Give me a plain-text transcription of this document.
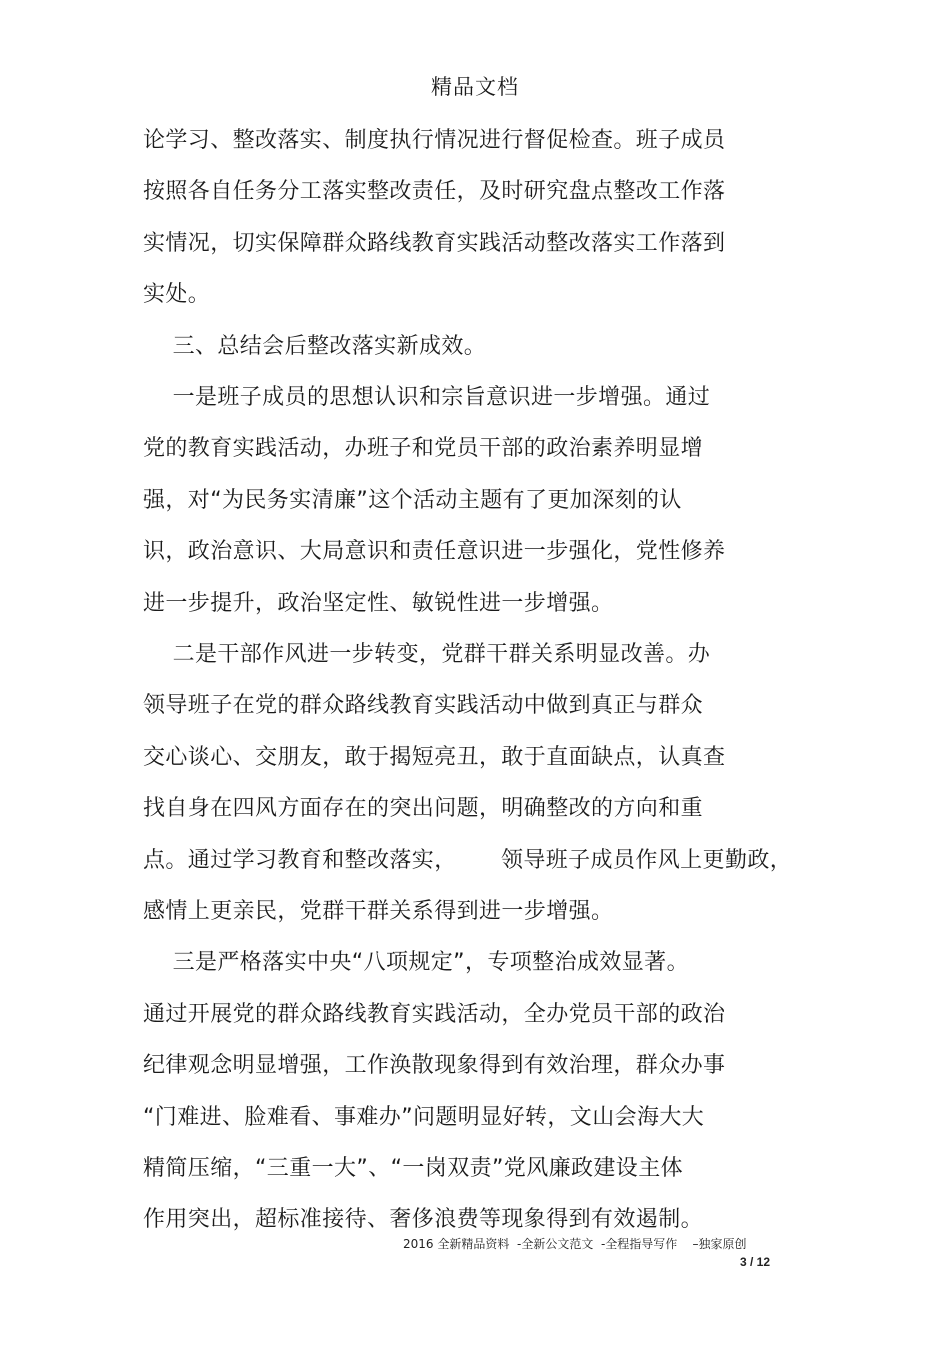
精品文档
论学习、整改落实、制度执行情况进行督促检查。班子成员
按照各自任务分工落实整改责任，及时研究盘点整改工作落
实情况，切实保障群众路线教育实践活动整改落实工作落到
实处。
三、总结会后整改落实新成效。
一是班子成员的思想认识和宗旨意识进一步增强。通过
党的教育实践活动，办班子和党员干部的政治素养明显增
强，对“为民务实清廉”这个活动主题有了更加深刻的认
识，政治意识、大局意识和责任意识进一步强化，党性修养
进一步提升，政治坚定性、敏锐性进一步增强。
二是干部作风进一步转变，党群干群关系明显改善。办
领导班子在党的群众路线教育实践活动中做到真正与群众
交心谈心、交朋友，敢于揭短亮丑，敢于直面缺点，认真查
找自身在四风方面存在的突出问题，明确整改的方向和重
点。通过学习教育和整改落实，      领导班子成员作风上更勤政，
感情上更亲民，党群干群关系得到进一步增强。
三是严格落实中央“八项规定”，专项整治成效显著。
通过开展党的群众路线教育实践活动，全办党员干部的政治
纪律观念明显增强，工作涣散现象得到有效治理，群众办事
“门难进、脸难看、事难办”问题明显好转，文山会海大大
精简压缩，“三重一大”、“一岗双责”党风廉政建设主体
作用突出，超标准接待、奢侈浪费等现象得到有效遏制。
2016 全新精品资料  -全新公文范文  -全程指导写作    –独家原创
3 / 12
